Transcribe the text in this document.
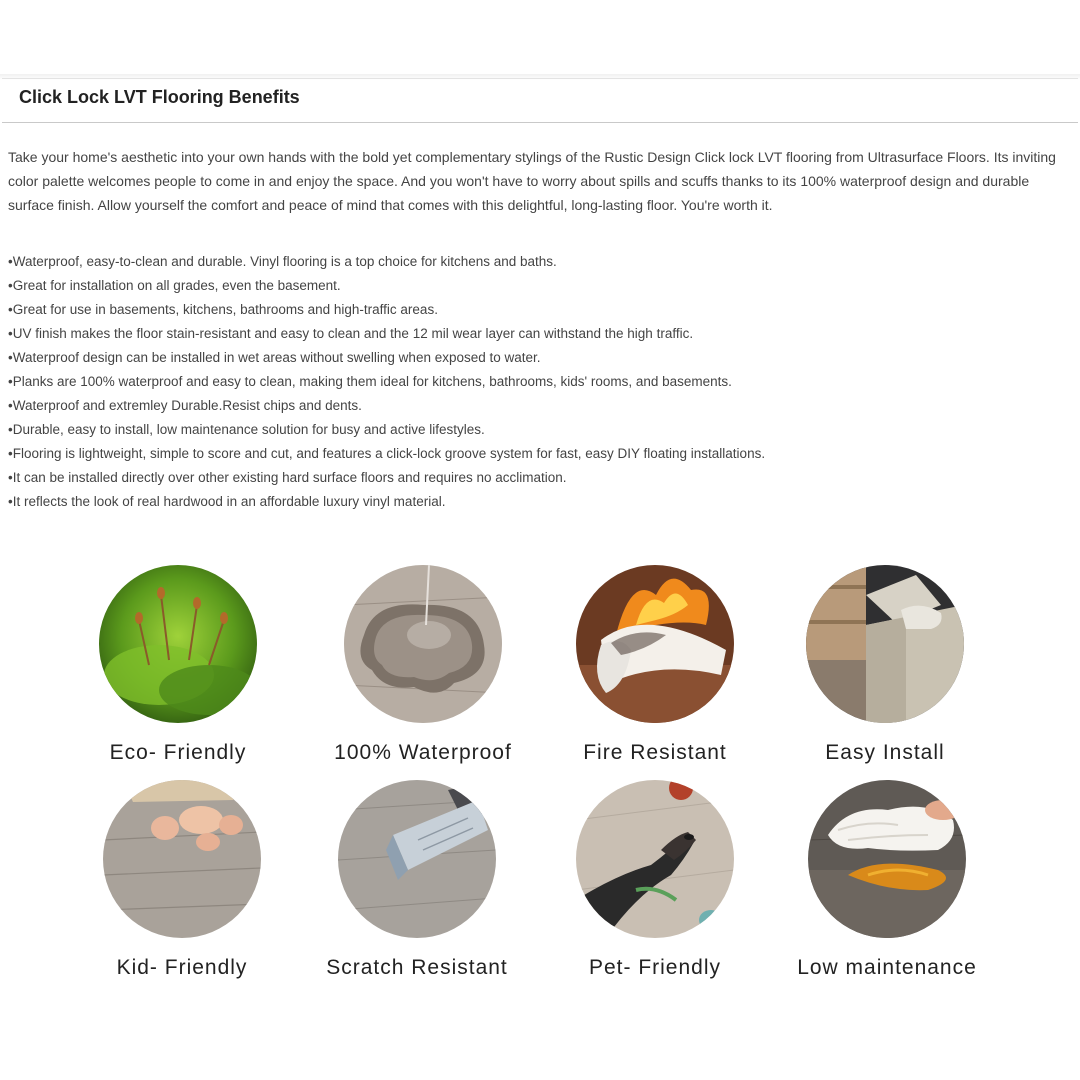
Click Lock LVT Flooring Benefits

Take your home's aesthetic into your own hands with the bold yet complementary stylings of the Rustic Design Click lock LVT flooring from Ultrasurface Floors. Its inviting color palette welcomes people to come in and enjoy the space. And you won't have to worry about spills and scuffs thanks to its 100% waterproof design and durable surface finish. Allow yourself the comfort and peace of mind that comes with this delightful, long-lasting floor. You're worth it.

•Waterproof, easy-to-clean and durable. Vinyl flooring is a top choice for kitchens and baths.
•Great for installation on all grades, even the basement.
•Great for use in basements, kitchens, bathrooms and high-traffic areas.
•UV finish makes the floor stain-resistant and easy to clean and the 12 mil wear layer can withstand the high traffic.
•Waterproof design can be installed in wet areas without swelling when exposed to water.
•Planks are 100% waterproof and easy to clean, making them ideal for kitchens, bathrooms, kids' rooms, and basements.
•Waterproof and extremley Durable.Resist chips and dents.
•Durable, easy to install, low maintenance solution for busy and active lifestyles.
•Flooring is lightweight, simple to score and cut, and features a click-lock groove system for fast, easy DIY floating installations.
•It can be installed directly over other existing hard surface floors and requires no acclimation.
•It reflects the look of real hardwood in an affordable luxury vinyl material.
Eco- Friendly	100% Waterproof	Fire Resistant	Easy Install
Kid- Friendly	Scratch Resistant	Pet- Friendly	Low maintenance
